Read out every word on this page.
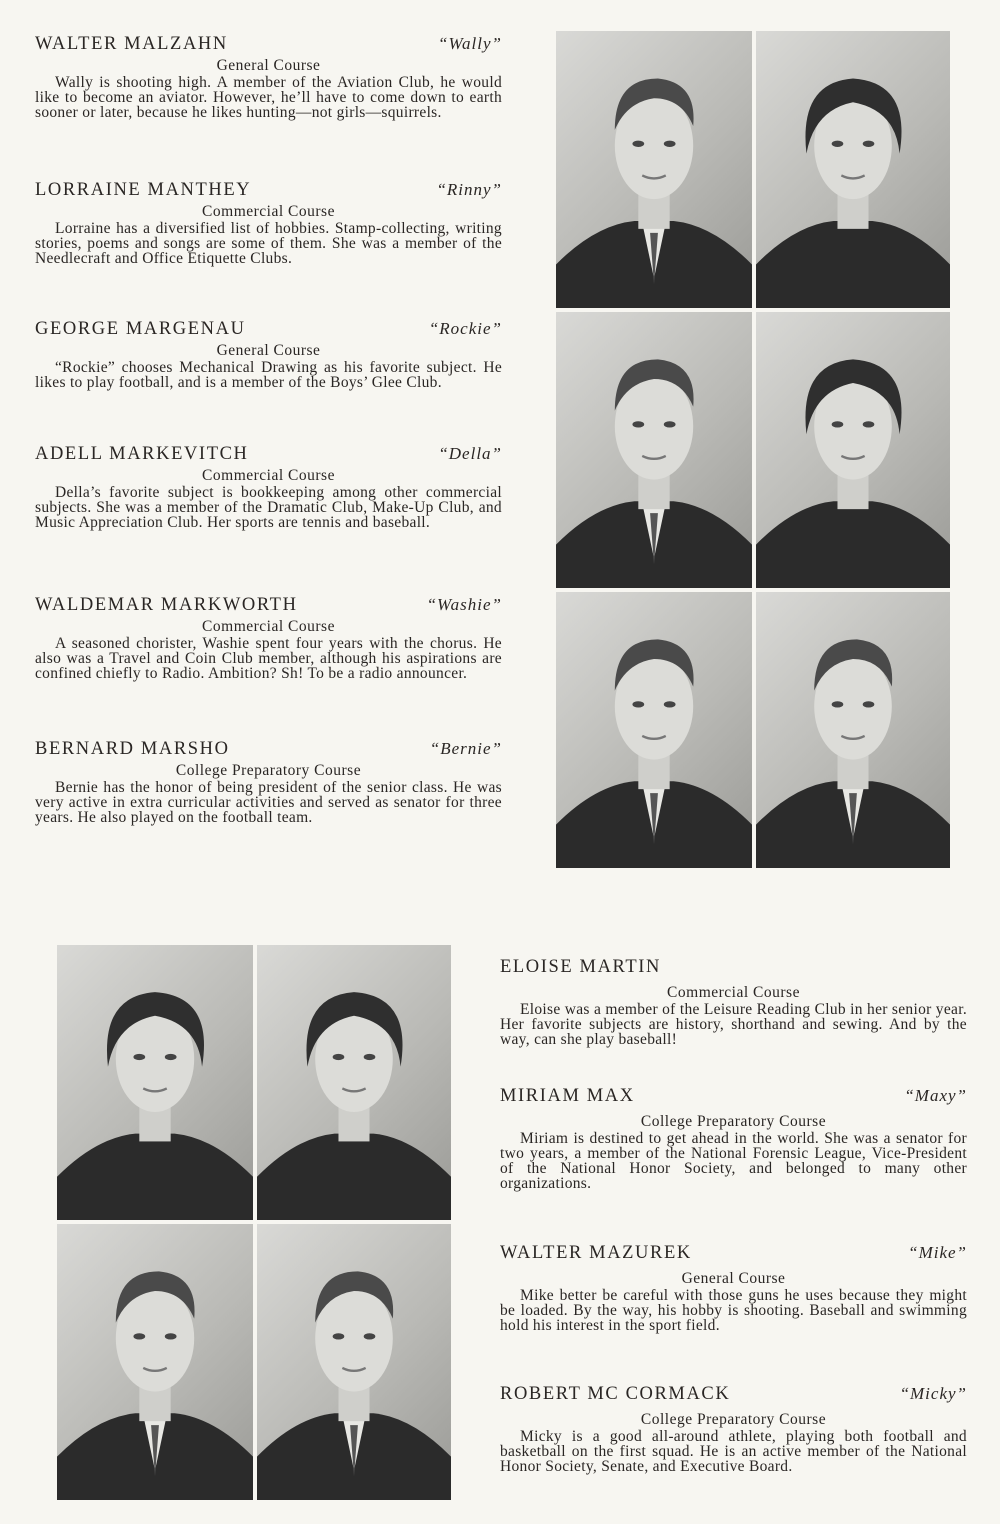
WALTER MALZAHN	“Wally”
General Course

Wally is shooting high. A member of the Aviation Club, he would like to become an aviator. However, he’ll have to come down to earth sooner or later, because he likes hunting—not girls—squirrels.

LORRAINE MANTHEY	“Rinny”
Commercial Course

Lorraine has a diversified list of hobbies. Stamp-collecting, writing stories, poems and songs are some of them. She was a member of the Needlecraft and Office Etiquette Clubs.

GEORGE MARGENAU	“Rockie”
General Course

“Rockie” chooses Mechanical Drawing as his favorite subject. He likes to play football, and is a member of the Boys’ Glee Club.

ADELL MARKEVITCH	“Della”
Commercial Course

Della’s favorite subject is bookkeeping among other commercial subjects. She was a member of the Dramatic Club, Make-Up Club, and Music Appreciation Club. Her sports are tennis and baseball.

WALDEMAR MARKWORTH	“Washie”
Commercial Course

A seasoned chorister, Washie spent four years with the chorus. He also was a Travel and Coin Club member, although his aspirations are confined chiefly to Radio. Ambition? Sh! To be a radio announcer.

BERNARD MARSHO	“Bernie”
College Preparatory Course

Bernie has the honor of being president of the senior class. He was very active in extra curricular activities and served as senator for three years. He also played on the football team.

ELOISE MARTIN
Commercial Course

Eloise was a member of the Leisure Reading Club in her senior year. Her favorite subjects are history, shorthand and sewing. And by the way, can she play baseball!

MIRIAM MAX	“Maxy”
College Preparatory Course

Miriam is destined to get ahead in the world. She was a senator for two years, a member of the National Forensic League, Vice-President of the National Honor Society, and belonged to many other organizations.

WALTER MAZUREK	“Mike”
General Course

Mike better be careful with those guns he uses because they might be loaded. By the way, his hobby is shooting. Baseball and swimming hold his interest in the sport field.

ROBERT MC CORMACK	“Micky”
College Preparatory Course

Micky is a good all-around athlete, playing both football and basketball on the first squad. He is an active member of the National Honor Society, Senate, and Executive Board.
